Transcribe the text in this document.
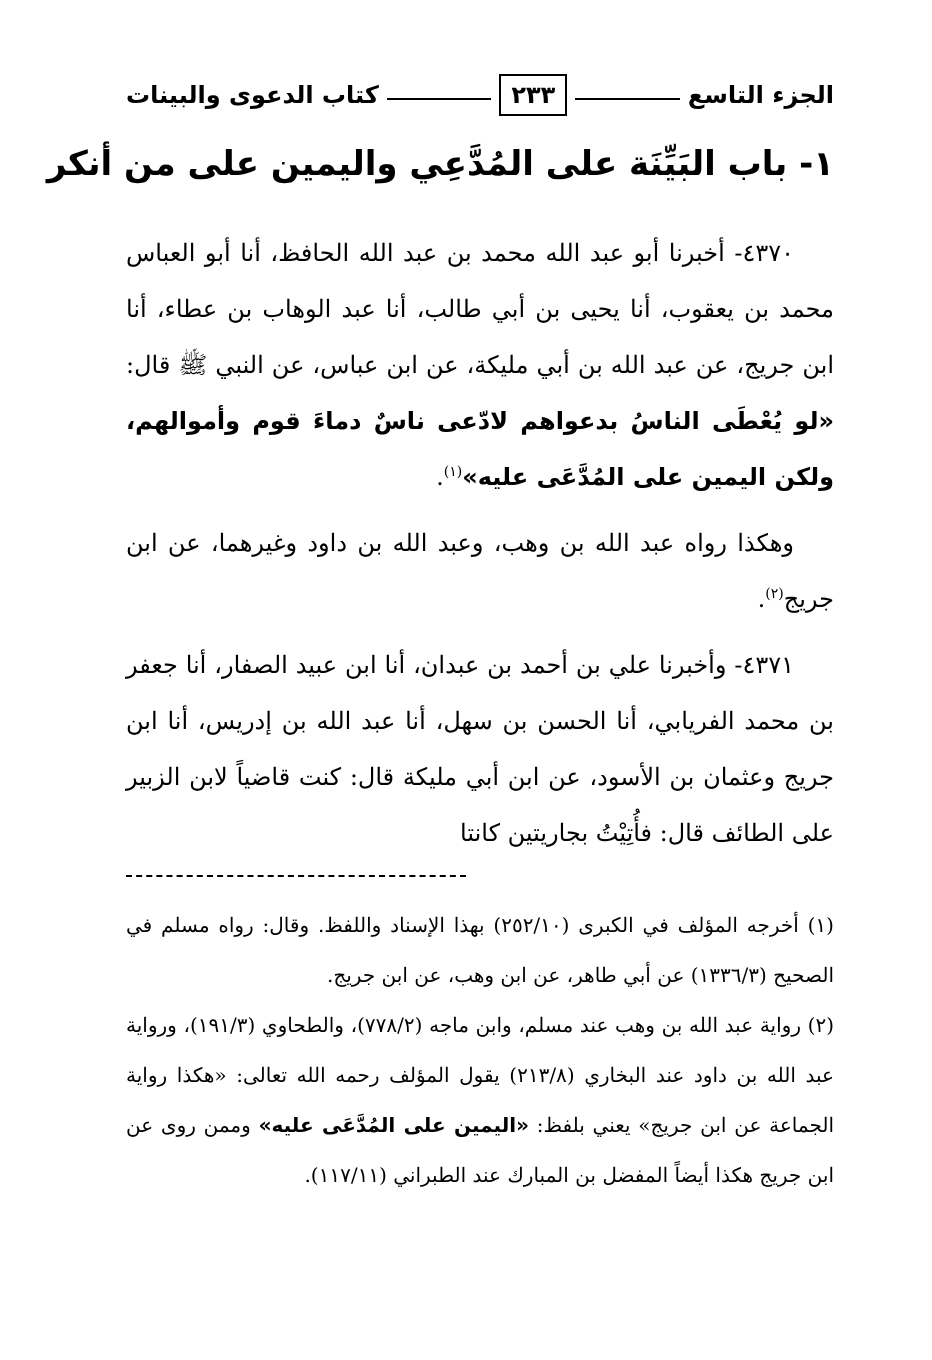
الجزء التاسع
٢٣٣
كتاب الدعوى والبينات
١- باب البَيِّنَة على المُدَّعِي واليمين على من أنكر

٤٣٧٠- أخبرنا أبو عبد الله محمد بن عبد الله الحافظ، أنا أبو العباس محمد بن يعقوب، أنا يحيى بن أبي طالب، أنا عبد الوهاب بن عطاء، أنا ابن جريج، عن عبد الله بن أبي مليكة، عن ابن عباس، عن النبي ﷺ قال: «لو يُعْطَى الناسُ بدعواهم لادّعى ناسٌ دماءَ قوم وأموالهم، ولكن اليمين على المُدَّعَى عليه»$^{(١)}$.

وهكذا رواه عبد الله بن وهب، وعبد الله بن داود وغيرهما، عن ابن جريج$^{(٢)}$.

٤٣٧١- وأخبرنا علي بن أحمد بن عبدان، أنا ابن عبيد الصفار، أنا جعفر بن محمد الفريابي، أنا الحسن بن سهل، أنا عبد الله بن إدريس، أنا ابن جريج وعثمان بن الأسود، عن ابن أبي مليكة قال: كنت قاضياً لابن الزبير على الطائف قال: فأُتِيْتُ بجاريتين كانتا

(١) أخرجه المؤلف في الكبرى (٢٥٢/١٠) بهذا الإسناد واللفظ. وقال: رواه مسلم في الصحيح (١٣٣٦/٣) عن أبي طاهر، عن ابن وهب، عن ابن جريج.

(٢) رواية عبد الله بن وهب عند مسلم، وابن ماجه (٧٧٨/٢)، والطحاوي (١٩١/٣)، ورواية عبد الله بن داود عند البخاري (٢١٣/٨) يقول المؤلف رحمه الله تعالى: «هكذا رواية الجماعة عن ابن جريج» يعني بلفظ: «اليمين على المُدَّعَى عليه» وممن روى عن ابن جريج هكذا أيضاً المفضل بن المبارك عند الطبراني (١١٧/١١).
